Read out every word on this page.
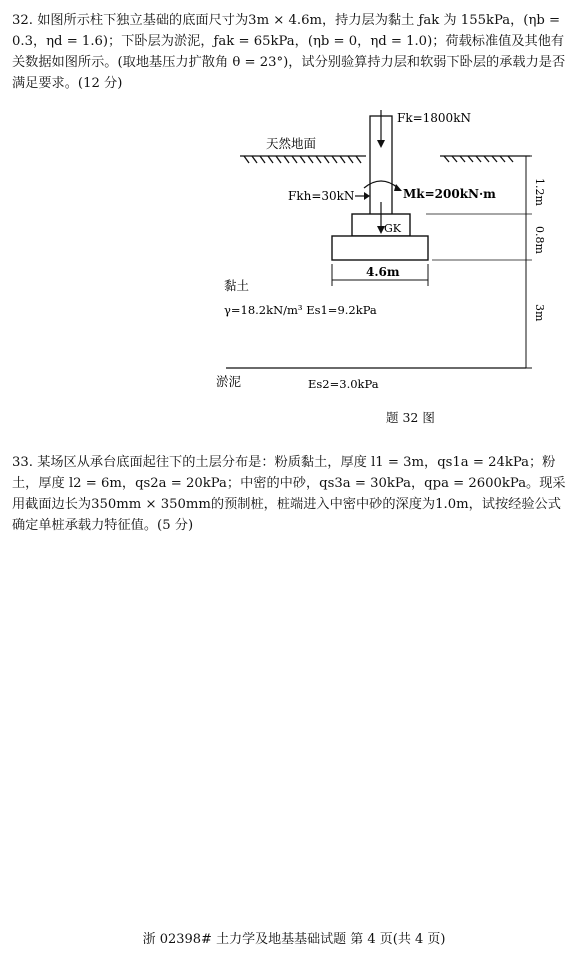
32. 如图所示柱下独立基础的底面尺寸为3m × 4.6m，持力层为黏土 ƒak 为 155kPa，(ηb = 0.3，ηd = 1.6)；下卧层为淤泥，ƒak = 65kPa，(ηb = 0，ηd = 1.0)；荷载标准值及其他有关数据如图所示。(取地基压力扩散角 θ = 23°)，试分别验算持力层和软弱下卧层的承载力是否满足要求。(12 分)

天然地面
Fk=1800kN
Fkh=30kN	Mk=200kN·m
GK
4.6m
1.2m
0.8m
3m
黏土
γ=18.2kN/m³ Es1=9.2kPa
淤泥	Es2=3.0kPa
题 32 图

33. 某场区从承台底面起往下的土层分布是：粉质黏土，厚度 l1 = 3m，qs1a = 24kPa；粉土，厚度 l2 = 6m，qs2a = 20kPa；中密的中砂，qs3a = 30kPa，qpa = 2600kPa。现采用截面边长为350mm × 350mm的预制桩，桩端进入中密中砂的深度为1.0m，试按经验公式确定单桩承载力特征值。(5 分)

浙 02398# 土力学及地基基础试题 第 4 页(共 4 页)
